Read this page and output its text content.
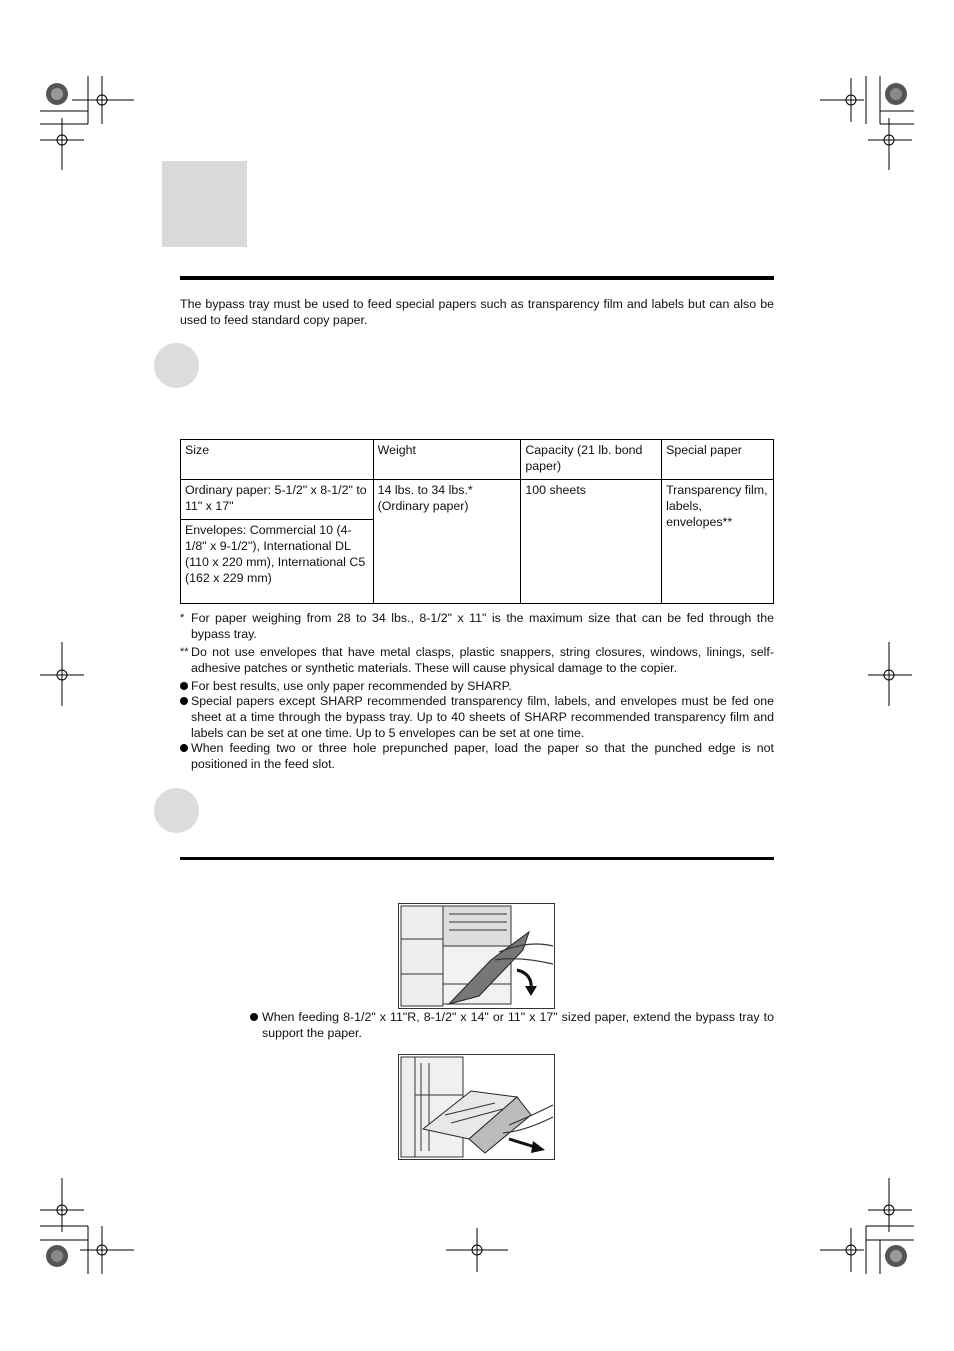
The bypass tray must be used to feed special papers such as transparency film and labels but can also be used to feed standard copy paper.
Size	Weight	Capacity (21 lb. bond paper)	Special paper
Ordinary paper: 5-1/2" x 8-1/2" to 11" x 17"	14 lbs. to 34 lbs.* (Ordinary paper)	100 sheets	Transparency film, labels, envelopes**
Envelopes: Commercial 10 (4-1/8" x 9-1/2"), International DL (110 x 220 mm), International C5 (162 x 229 mm)			
* For paper weighing from 28 to 34 lbs., 8-1/2" x 11" is the maximum size that can be fed through the bypass tray.
** Do not use envelopes that have metal clasps, plastic snappers, string closures, windows, linings, self-adhesive patches or synthetic materials. These will cause physical damage to the copier.
For best results, use only paper recommended by SHARP.
Special papers except SHARP recommended transparency film, labels, and envelopes must be fed one sheet at a time through the bypass tray. Up to 40 sheets of SHARP recommended transparency film and labels can be set at one time. Up to 5 envelopes can be set at one time.
When feeding two or three hole prepunched paper, load the paper so that the punched edge is not positioned in the feed slot.
When feeding 8-1/2" x 11"R, 8-1/2" x 14" or 11" x 17" sized paper, extend the bypass tray to support the paper.
